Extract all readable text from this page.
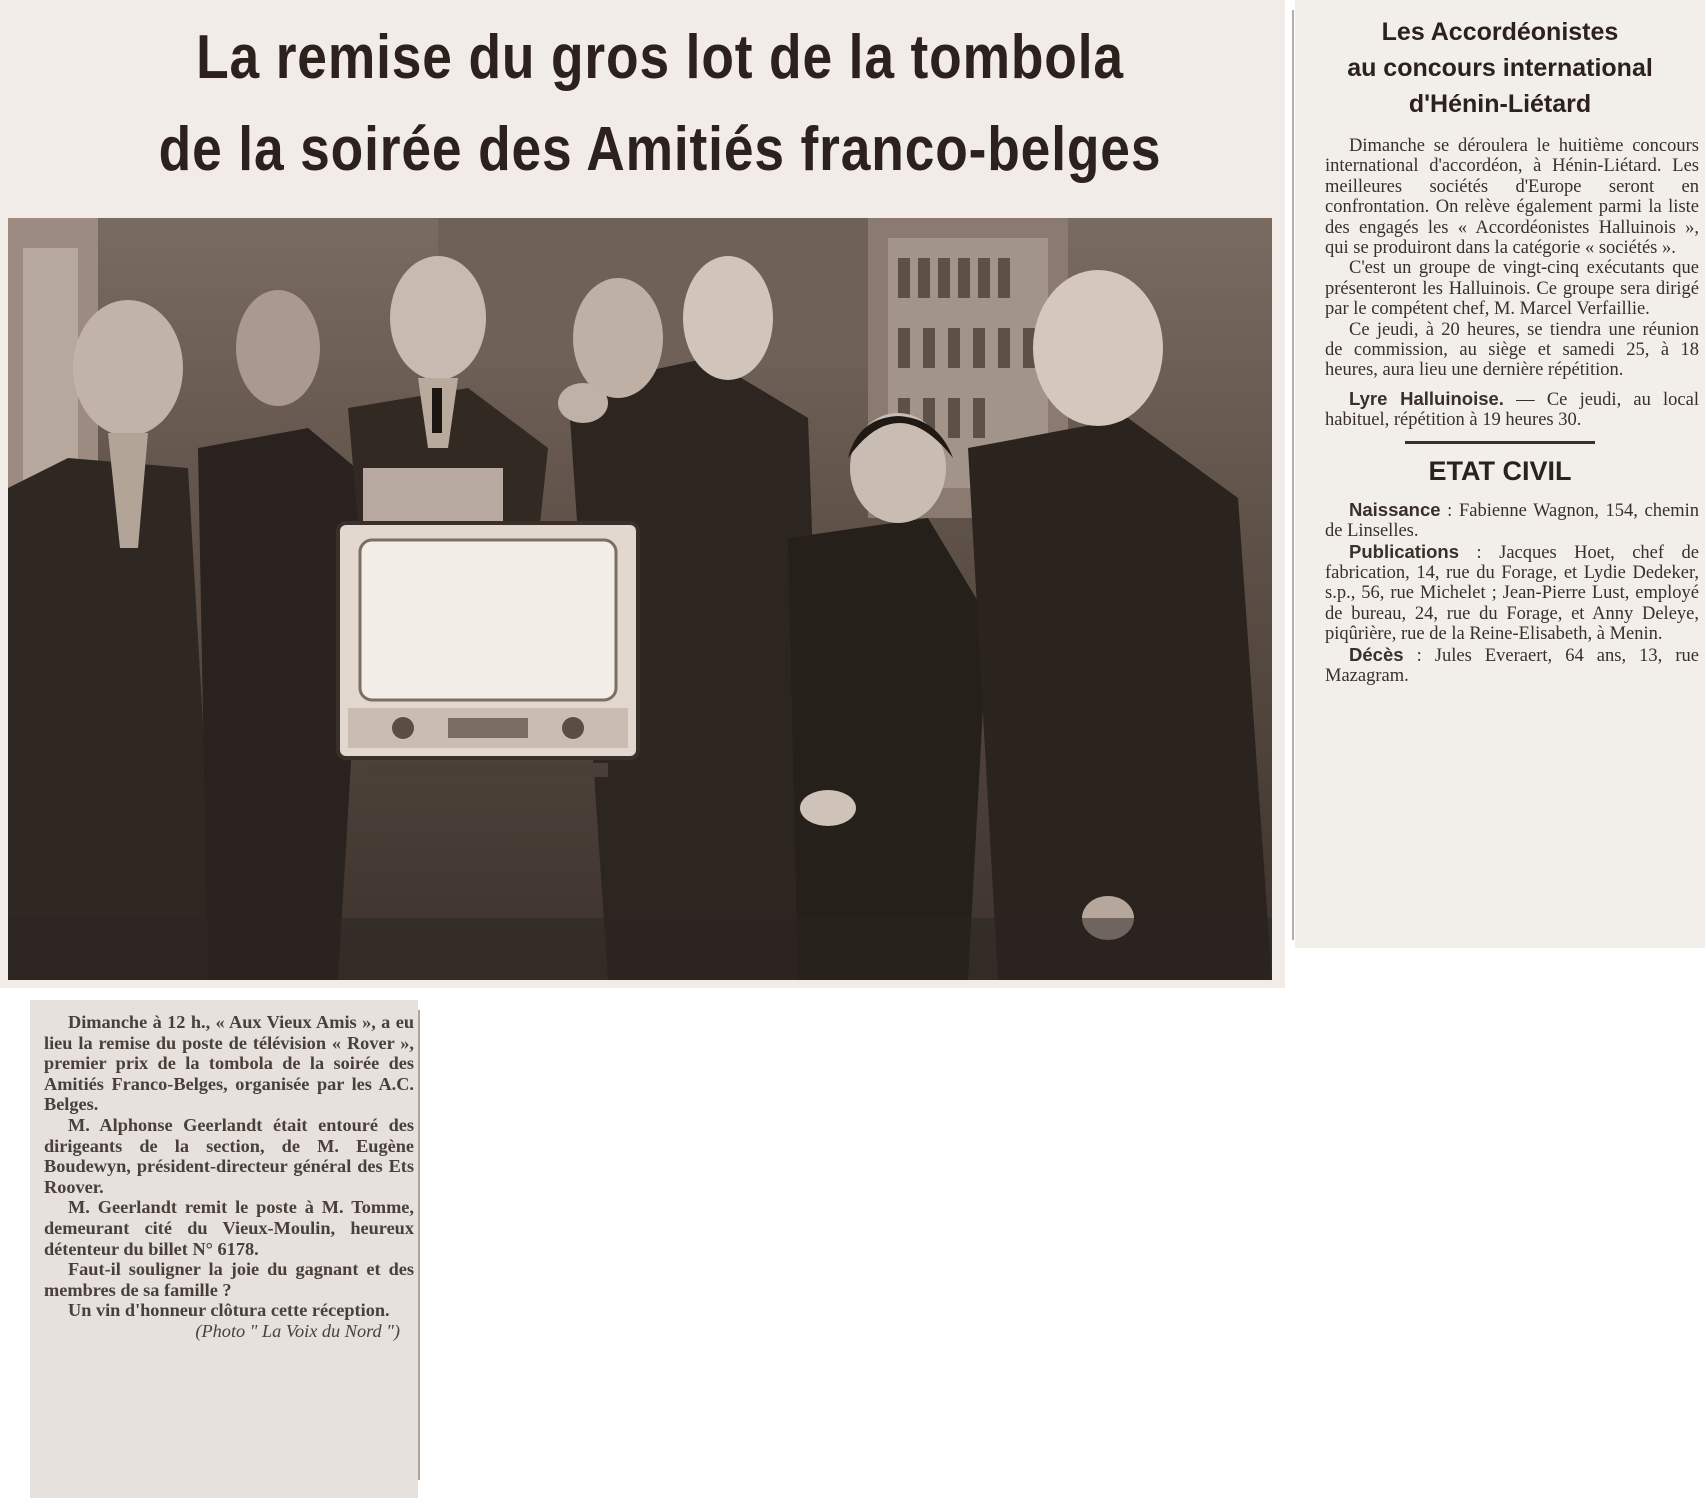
La remise du gros lot de la tombola
de la soirée des Amitiés franco-belges
Les Accordéonistes
au concours international
d'Hénin-Liétard

Dimanche se déroulera le huitième concours international d'accordéon, à Hénin-Liétard. Les meilleures sociétés d'Europe seront en confrontation. On relève également parmi la liste des engagés les « Accordéonistes Halluinois », qui se produiront dans la catégorie « sociétés ».

C'est un groupe de vingt-cinq exécutants que présenteront les Halluinois. Ce groupe sera dirigé par le compétent chef, M. Marcel Verfaillie.

Ce jeudi, à 20 heures, se tiendra une réunion de commission, au siège et samedi 25, à 18 heures, aura lieu une dernière répétition.

Lyre Halluinoise. — Ce jeudi, au local habituel, répétition à 19 heures 30.

ETAT CIVIL

Naissance : Fabienne Wagnon, 154, chemin de Linselles.

Publications : Jacques Hoet, chef de fabrication, 14, rue du Forage, et Lydie Dedeker, s.p., 56, rue Michelet ; Jean-Pierre Lust, employé de bureau, 24, rue du Forage, et Anny Deleye, piqûrière, rue de la Reine-Elisabeth, à Menin.

Décès : Jules Everaert, 64 ans, 13, rue Mazagram.

Dimanche à 12 h., « Aux Vieux Amis », a eu lieu la remise du poste de télévision « Rover », premier prix de la tombola de la soirée des Amitiés Franco-Belges, organisée par les A.C. Belges.

M. Alphonse Geerlandt était entouré des dirigeants de la section, de M. Eugène Boudewyn, président-directeur général des Ets Roover.

M. Geerlandt remit le poste à M. Tomme, demeurant cité du Vieux-Moulin, heureux détenteur du billet N° 6178.

Faut-il souligner la joie du gagnant et des membres de sa famille ?

Un vin d'honneur clôtura cette réception.

(Photo " La Voix du Nord ")
